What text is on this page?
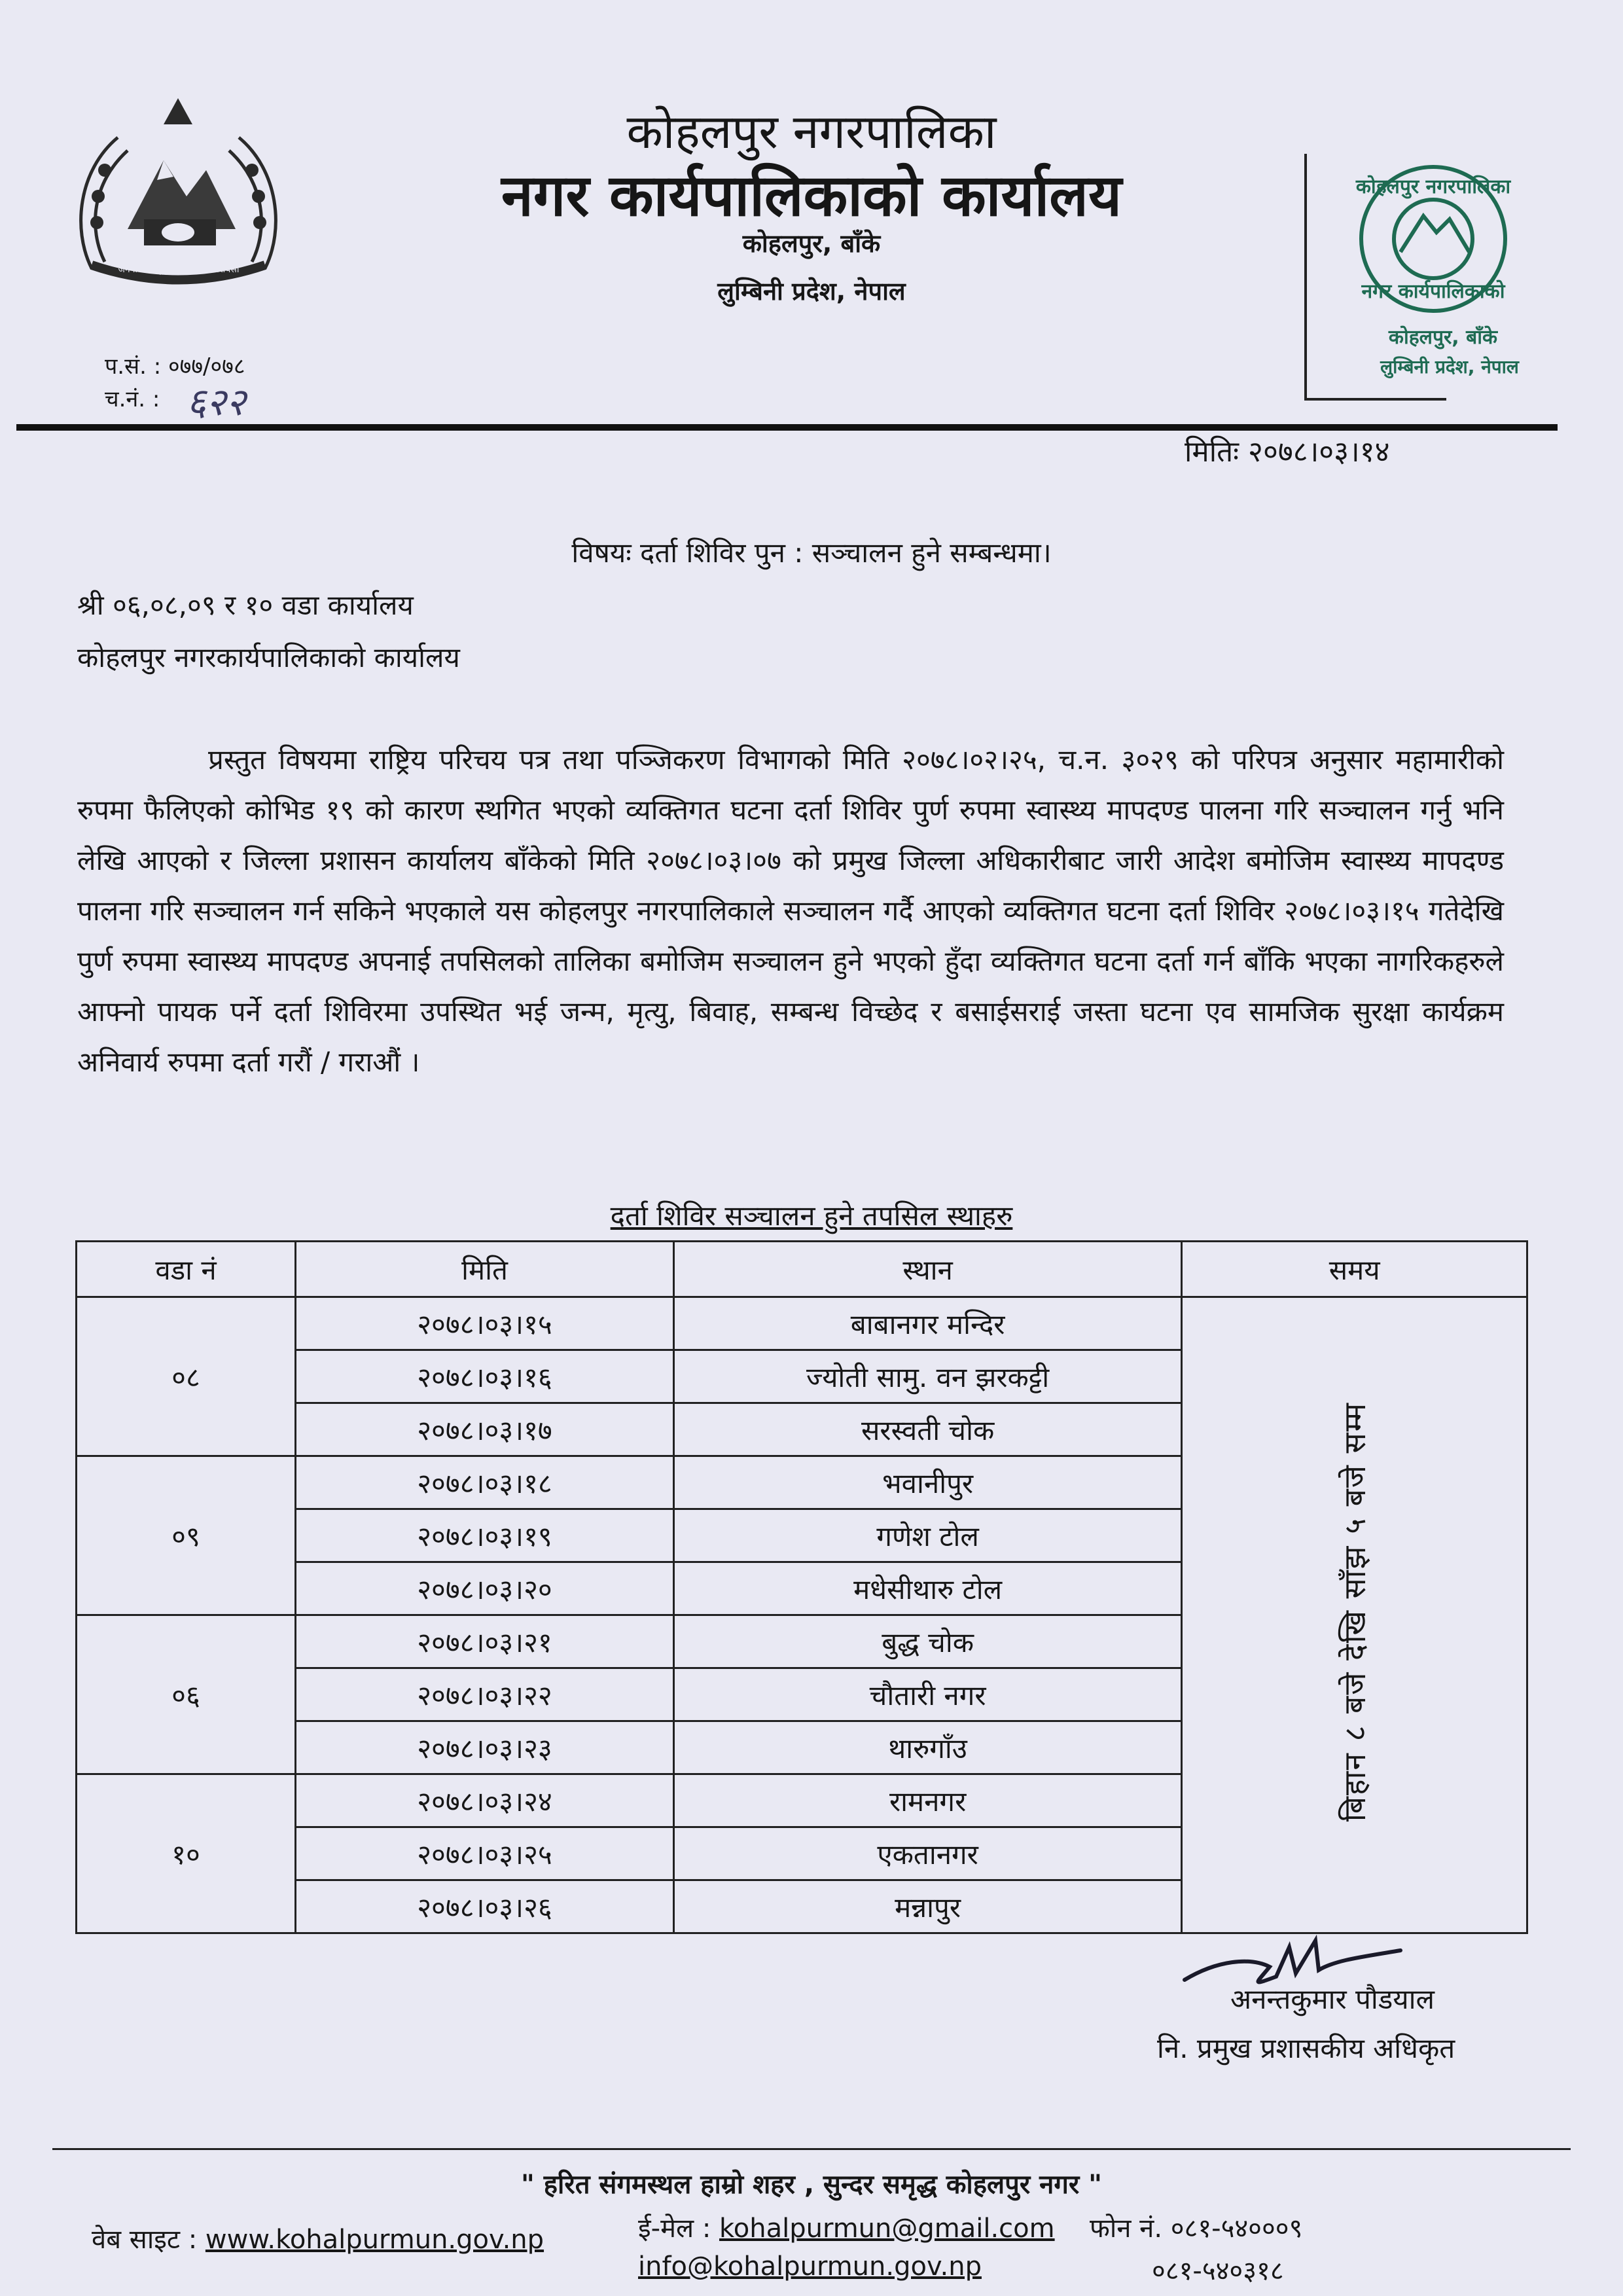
जननी जन्मभूमिश्च स्वर्गादपि गरीयसी
कोहलपुर नगरपालिका
नगर कार्यपालिकाको कार्यालय
कोहलपुर, बाँके
लुम्बिनी प्रदेश, नेपाल
कोहलपुर नगरपालिका
नगर कार्यपालिकाको
कोहलपुर, बाँके
लुम्बिनी प्रदेश, नेपाल
प.सं. : ०७७/०७८
च.नं. : ६२२
मितिः २०७८।०३।१४
विषयः दर्ता शिविर पुन : सञ्चालन हुने सम्बन्धमा।
श्री ०६,०८,०९ र १० वडा कार्यालय
कोहलपुर नगरकार्यपालिकाको कार्यालय

प्रस्तुत विषयमा राष्ट्रिय परिचय पत्र तथा पञ्जिकरण विभागको मिति २०७८।०२।२५, च.न. ३०२९ को परिपत्र अनुसार महामारीको रुपमा फैलिएको कोभिड १९ को कारण स्थगित भएको व्यक्तिगत घटना दर्ता शिविर पुर्ण रुपमा स्वास्थ्य मापदण्ड पालना गरि सञ्चालन गर्नु भनि लेखि आएको र जिल्ला प्रशासन कार्यालय बाँकेको मिति २०७८।०३।०७ को प्रमुख जिल्ला अधिकारीबाट जारी आदेश बमोजिम स्वास्थ्य मापदण्ड पालना गरि सञ्चालन गर्न सकिने भएकाले यस कोहलपुर नगरपालिकाले सञ्चालन गर्दै आएको व्यक्तिगत घटना दर्ता शिविर २०७८।०३।१५ गतेदेखि पुर्ण रुपमा स्वास्थ्य मापदण्ड अपनाई तपसिलको तालिका बमोजिम सञ्चालन हुने भएको हुँदा व्यक्तिगत घटना दर्ता गर्न बाँकि भएका नागरिकहरुले आफ्नो पायक पर्ने दर्ता शिविरमा उपस्थित भई जन्म, मृत्यु, बिवाह, सम्बन्ध विच्छेद र बसाईसराई जस्ता घटना एव सामजिक सुरक्षा कार्यक्रम अनिवार्य रुपमा दर्ता गरौं / गराऔं ।

दर्ता शिविर सञ्चालन हुने तपसिल स्थाहरु
वडा नं	मिति	स्थान	समय
०८	२०७८।०३।१५	बाबानगर मन्दिर	बिहान ८ बजे देखि साँझ ५ बजे सम्म
	२०७८।०३।१६	ज्योती सामु. वन झरकट्टी	
	२०७८।०३।१७	सरस्वती चोक	
०९	२०७८।०३।१८	भवानीपुर	
	२०७८।०३।१९	गणेश टोल	
	२०७८।०३।२०	मधेसीथारु टोल	
०६	२०७८।०३।२१	बुद्ध चोक	
	२०७८।०३।२२	चौतारी नगर	
	२०७८।०३।२३	थारुगाँउ	
१०	२०७८।०३।२४	रामनगर	
	२०७८।०३।२५	एकतानगर	
	२०७८।०३।२६	मन्नापुर	
अनन्तकुमार पौडयाल
नि. प्रमुख प्रशासकीय अधिकृत
" हरित संगमस्थल हाम्रो शहर , सुन्दर समृद्ध कोहलपुर नगर "
वेब साइट : www.kohalpurmun.gov.np	ई-मेल : kohalpurmun@gmail.com
info@kohalpurmun.gov.np
फोन नं. ०८१-५४०००९
०८१-५४०३१८
